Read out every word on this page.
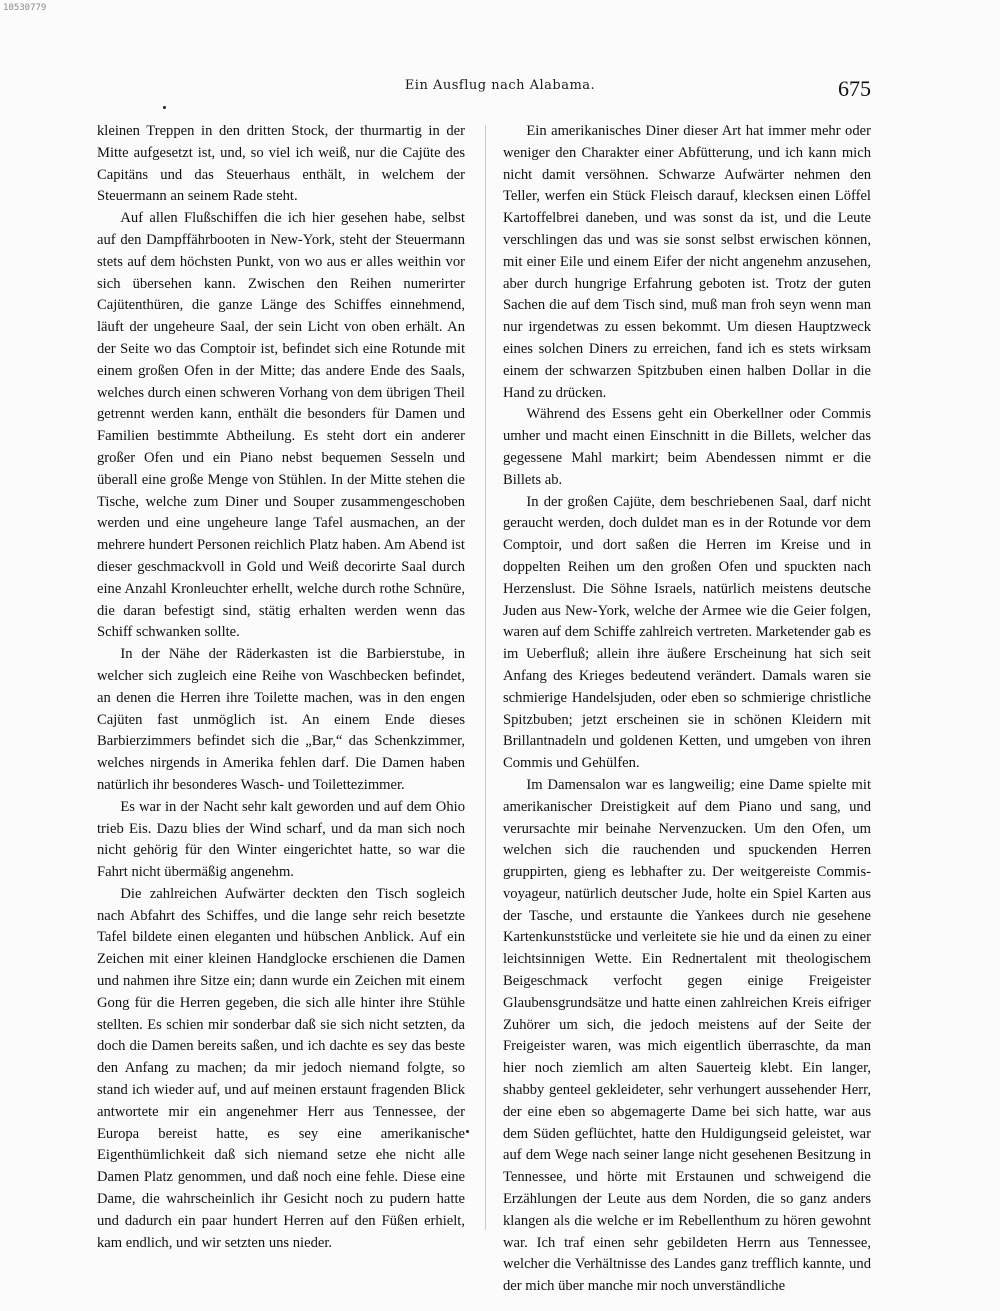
10530779
Ein Ausflug nach Alabama.	675

kleinen Treppen in den dritten Stock, der thurmartig in der Mitte aufgesetzt ist, und, so viel ich weiß, nur die Cajüte des Capitäns und das Steuerhaus enthält, in welchem der Steuermann an seinem Rade steht.

Auf allen Flußschiffen die ich hier gesehen habe, selbst auf den Dampffährbooten in New-York, steht der Steuermann stets auf dem höchsten Punkt, von wo aus er alles weithin vor sich übersehen kann. Zwischen den Reihen numerirter Cajütenthüren, die ganze Länge des Schiffes einnehmend, läuft der ungeheure Saal, der sein Licht von oben erhält. An der Seite wo das Comptoir ist, befindet sich eine Rotunde mit einem großen Ofen in der Mitte; das andere Ende des Saals, welches durch einen schweren Vorhang von dem übrigen Theil getrennt werden kann, enthält die besonders für Damen und Familien bestimmte Abtheilung. Es steht dort ein anderer großer Ofen und ein Piano nebst bequemen Sesseln und überall eine große Menge von Stühlen. In der Mitte stehen die Tische, welche zum Diner und Souper zusammengeschoben werden und eine ungeheure lange Tafel ausmachen, an der mehrere hundert Personen reichlich Platz haben. Am Abend ist dieser geschmackvoll in Gold und Weiß decorirte Saal durch eine Anzahl Kronleuchter erhellt, welche durch rothe Schnüre, die daran befestigt sind, stätig erhalten werden wenn das Schiff schwanken sollte.

In der Nähe der Räderkasten ist die Barbierstube, in welcher sich zugleich eine Reihe von Waschbecken befindet, an denen die Herren ihre Toilette machen, was in den engen Cajüten fast unmöglich ist. An einem Ende dieses Barbierzimmers befindet sich die „Bar,“ das Schenkzimmer, welches nirgends in Amerika fehlen darf. Die Damen haben natürlich ihr besonderes Wasch- und Toilettezimmer.

Es war in der Nacht sehr kalt geworden und auf dem Ohio trieb Eis. Dazu blies der Wind scharf, und da man sich noch nicht gehörig für den Winter eingerichtet hatte, so war die Fahrt nicht übermäßig angenehm.

Die zahlreichen Aufwärter deckten den Tisch sogleich nach Abfahrt des Schiffes, und die lange sehr reich besetzte Tafel bildete einen eleganten und hübschen Anblick. Auf ein Zeichen mit einer kleinen Handglocke erschienen die Damen und nahmen ihre Sitze ein; dann wurde ein Zeichen mit einem Gong für die Herren gegeben, die sich alle hinter ihre Stühle stellten. Es schien mir sonderbar daß sie sich nicht setzten, da doch die Damen bereits saßen, und ich dachte es sey das beste den Anfang zu machen; da mir jedoch niemand folgte, so stand ich wieder auf, und auf meinen erstaunt fragenden Blick antwortete mir ein angenehmer Herr aus Tennessee, der Europa bereist hatte, es sey eine amerikanische Eigenthümlichkeit daß sich niemand setze ehe nicht alle Damen Platz genommen, und daß noch eine fehle. Diese eine Dame, die wahrscheinlich ihr Gesicht noch zu pudern hatte und dadurch ein paar hundert Herren auf den Füßen erhielt, kam endlich, und wir setzten uns nieder.

Ein amerikanisches Diner dieser Art hat immer mehr oder weniger den Charakter einer Abfütterung, und ich kann mich nicht damit versöhnen. Schwarze Aufwärter nehmen den Teller, werfen ein Stück Fleisch darauf, klecksen einen Löffel Kartoffelbrei daneben, und was sonst da ist, und die Leute verschlingen das und was sie sonst selbst erwischen können, mit einer Eile und einem Eifer der nicht angenehm anzusehen, aber durch hungrige Erfahrung geboten ist. Trotz der guten Sachen die auf dem Tisch sind, muß man froh seyn wenn man nur irgendetwas zu essen bekommt. Um diesen Hauptzweck eines solchen Diners zu erreichen, fand ich es stets wirksam einem der schwarzen Spitzbuben einen halben Dollar in die Hand zu drücken.

Während des Essens geht ein Oberkellner oder Commis umher und macht einen Einschnitt in die Billets, welcher das gegessene Mahl markirt; beim Abendessen nimmt er die Billets ab.

In der großen Cajüte, dem beschriebenen Saal, darf nicht geraucht werden, doch duldet man es in der Rotunde vor dem Comptoir, und dort saßen die Herren im Kreise und in doppelten Reihen um den großen Ofen und spuckten nach Herzenslust. Die Söhne Israels, natürlich meistens deutsche Juden aus New-York, welche der Armee wie die Geier folgen, waren auf dem Schiffe zahlreich vertreten. Marketender gab es im Ueberfluß; allein ihre äußere Erscheinung hat sich seit Anfang des Krieges bedeutend verändert. Damals waren sie schmierige Handelsjuden, oder eben so schmierige christliche Spitzbuben; jetzt erscheinen sie in schönen Kleidern mit Brillantnadeln und goldenen Ketten, und umgeben von ihren Commis und Gehülfen.

Im Damensalon war es langweilig; eine Dame spielte mit amerikanischer Dreistigkeit auf dem Piano und sang, und verursachte mir beinahe Nervenzucken. Um den Ofen, um welchen sich die rauchenden und spuckenden Herren gruppirten, gieng es lebhafter zu. Der weitgereiste Commis-voyageur, natürlich deutscher Jude, holte ein Spiel Karten aus der Tasche, und erstaunte die Yankees durch nie gesehene Kartenkunststücke und verleitete sie hie und da einen zu einer leichtsinnigen Wette. Ein Rednertalent mit theologischem Beigeschmack verfocht gegen einige Freigeister Glaubensgrundsätze und hatte einen zahlreichen Kreis eifriger Zuhörer um sich, die jedoch meistens auf der Seite der Freigeister waren, was mich eigentlich überraschte, da man hier noch ziemlich am alten Sauerteig klebt. Ein langer, shabby genteel gekleideter, sehr verhungert aussehender Herr, der eine eben so abgemagerte Dame bei sich hatte, war aus dem Süden geflüchtet, hatte den Huldigungseid geleistet, war auf dem Wege nach seiner lange nicht gesehenen Besitzung in Tennessee, und hörte mit Erstaunen und schweigend die Erzählungen der Leute aus dem Norden, die so ganz anders klangen als die welche er im Rebellenthum zu hören gewohnt war. Ich traf einen sehr gebildeten Herrn aus Tennessee, welcher die Verhältnisse des Landes ganz trefflich kannte, und der mich über manche mir noch unverständliche
